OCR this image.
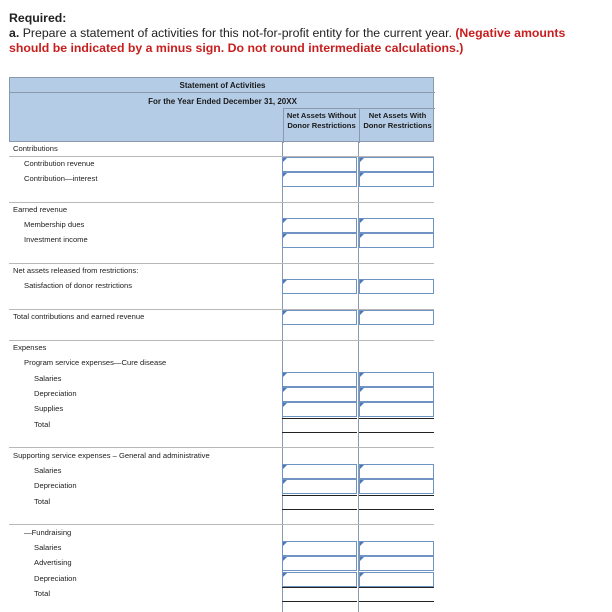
Required:

a. Prepare a statement of activities for this not-for-profit entity for the current year. (Negative amounts should be indicated by a minus sign. Do not round intermediate calculations.)

Statement of Activities
For the Year Ended December 31, 20XX
Net Assets Without Donor Restrictions
Net Assets With Donor Restrictions
Contributions
Contribution revenue
Contribution—interest
Earned revenue
Membership dues
Investment income
Net assets released from restrictions:
Satisfaction of donor restrictions
Total contributions and earned revenue
Expenses
Program service expenses—Cure disease
Salaries
Depreciation
Supplies
Total
Supporting service expenses – General and administrative
Salaries
Depreciation
Total
—Fundraising
Salaries
Advertising
Depreciation
Total
